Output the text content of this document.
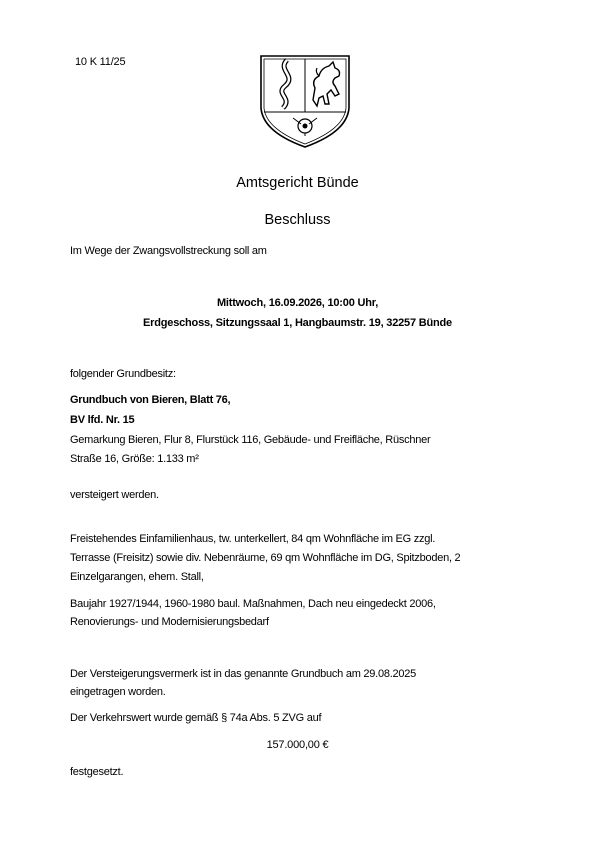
10 K 11/25
Amtsgericht Bünde
Beschluss
Im Wege der Zwangsvollstreckung soll am
Mittwoch, 16.09.2026, 10:00 Uhr,
Erdgeschoss, Sitzungssaal 1, Hangbaumstr. 19, 32257 Bünde
folgender Grundbesitz:
Grundbuch von Bieren, Blatt 76,
BV lfd. Nr. 15
Gemarkung Bieren, Flur 8, Flurstück 116, Gebäude- und Freifläche, Rüschner
Straße 16, Größe: 1.133 m²
versteigert werden.
Freistehendes Einfamilienhaus, tw. unterkellert, 84 qm Wohnfläche im EG zzgl.
Terrasse (Freisitz) sowie div. Nebenräume, 69 qm Wohnfläche im DG, Spitzboden, 2
Einzelgarangen, ehem. Stall,
Baujahr 1927/1944, 1960-1980 baul. Maßnahmen, Dach neu eingedeckt 2006,
Renovierungs- und Modernisierungsbedarf
Der Versteigerungsvermerk ist in das genannte Grundbuch am 29.08.2025
eingetragen worden.
Der Verkehrswert wurde gemäß § 74a Abs. 5 ZVG auf
157.000,00 €
festgesetzt.
